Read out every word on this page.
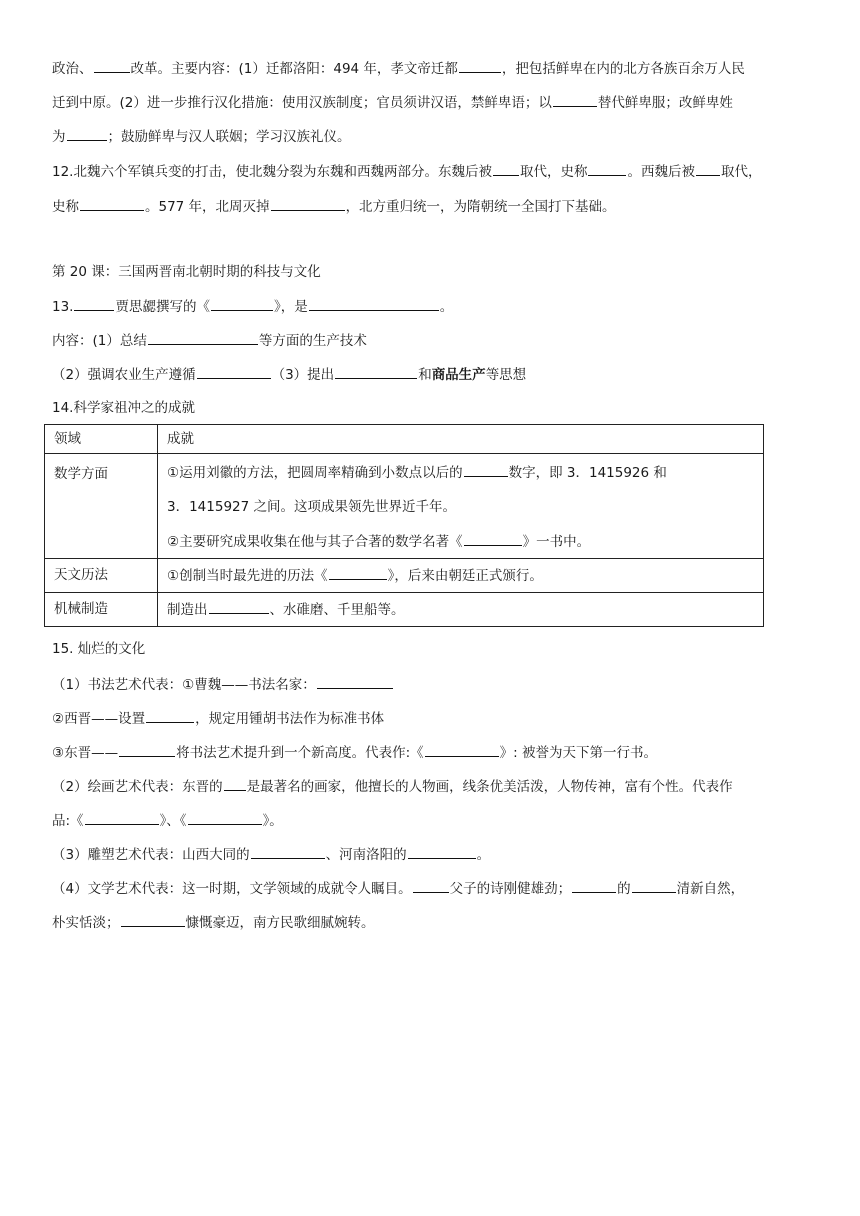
政治、	改革。主要内容：(1）迁都洛阳：494 年，孝文帝迁都	，把包括鲜卑在内的北方各族百余万人民
迁到中原。(2）进一步推行汉化措施：使用汉族制度；官员须讲汉语，禁鲜卑语；以	替代鲜卑服；改鲜卑姓
为	；鼓励鲜卑与汉人联姻；学习汉族礼仪。
12.北魏六个军镇兵变的打击，使北魏分裂为东魏和西魏两部分。东魏后被 取代，史称	。西魏后被 取代，
史称	。577 年，北周灭掉	，北方重归统一，为隋朝统一全国打下基础。
第 20 课：三国两晋南北朝时期的科技与文化
13.	贾思勰撰写的《	》，是	。
内容：(1）总结	等方面的生产技术
（2）强调农业生产遵循	（3）提出	和商品生产等思想
14.科学家祖冲之的成就
领域	成就
数学方面	①运用刘徽的方法，把圆周率精确到小数点以后的 数字，即 3．1415926 和

3．1415927 之间。这项成果领先世界近千年。

②主要研究成果收集在他与其子合著的数学名著《 》一书中。

天文历法	①创制当时最先进的历法《 》，后来由朝廷正式颁行。
机械制造	制造出 、水碓磨、千里船等。
15. 灿烂的文化
（1）书法艺术代表：①曹魏——书法名家：
②西晋——设置	，规定用锺胡书法作为标准书体
③东晋——	将书法艺术提升到一个新高度。代表作:《	》: 被誉为天下第一行书。
（2）绘画艺术代表：东晋的 是最著名的画家，他擅长的人物画，线条优美活泼，人物传神，富有个性。代表作
品:《	》、《	》。
（3）雕塑艺术代表：山西大同的	、河南洛阳的	。
（4）文学艺术代表：这一时期，文学领域的成就令人瞩目。	父子的诗刚健雄劲；	的	清新自然，
朴实恬淡；	慷慨豪迈，南方民歌细腻婉转。
